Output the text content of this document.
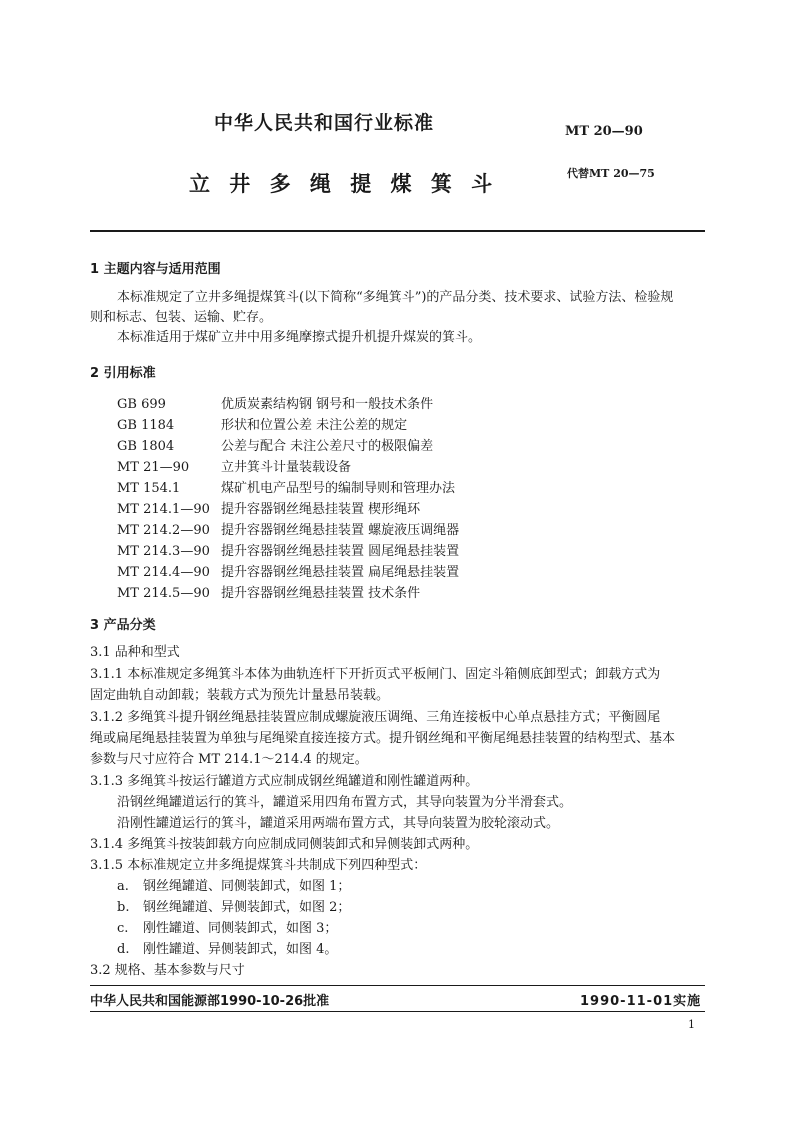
中华人民共和国行业标准	MT 20—90
立 井 多 绳 提 煤 箕 斗	代替MT 20—75
1 主题内容与适用范围
本标准规定了立井多绳提煤箕斗(以下简称“多绳箕斗”)的产品分类、技术要求、试验方法、检验规
则和标志、包装、运输、贮存。
本标准适用于煤矿立井中用多绳摩擦式提升机提升煤炭的箕斗。
2 引用标准
GB 699	优质炭素结构钢 钢号和一般技术条件
GB 1184	形状和位置公差 未注公差的规定
GB 1804	公差与配合 未注公差尺寸的极限偏差
MT 21—90 立井箕斗计量装载设备
MT 154.1	煤矿机电产品型号的编制导则和管理办法
MT 214.1—90 提升容器钢丝绳悬挂装置 楔形绳环
MT 214.2—90 提升容器钢丝绳悬挂装置 螺旋液压调绳器
MT 214.3—90 提升容器钢丝绳悬挂装置 圆尾绳悬挂装置
MT 214.4—90 提升容器钢丝绳悬挂装置 扁尾绳悬挂装置
MT 214.5—90 提升容器钢丝绳悬挂装置 技术条件
3 产品分类
3.1 品种和型式
3.1.1 本标准规定多绳箕斗本体为曲轨连杆下开折页式平板闸门、固定斗箱侧底卸型式；卸载方式为
固定曲轨自动卸载；装载方式为预先计量悬吊装载。
3.1.2 多绳箕斗提升钢丝绳悬挂装置应制成螺旋液压调绳、三角连接板中心单点悬挂方式；平衡圆尾
绳或扁尾绳悬挂装置为单独与尾绳梁直接连接方式。提升钢丝绳和平衡尾绳悬挂装置的结构型式、基本
参数与尺寸应符合 MT 214.1～214.4 的规定。
3.1.3 多绳箕斗按运行罐道方式应制成钢丝绳罐道和刚性罐道两种。
沿钢丝绳罐道运行的箕斗，罐道采用四角布置方式，其导向装置为分半滑套式。
沿刚性罐道运行的箕斗，罐道采用两端布置方式，其导向装置为胶轮滚动式。
3.1.4 多绳箕斗按装卸载方向应制成同侧装卸式和异侧装卸式两种。
3.1.5 本标准规定立井多绳提煤箕斗共制成下列四种型式：
a. 钢丝绳罐道、同侧装卸式，如图 1；
b. 钢丝绳罐道、异侧装卸式，如图 2；
c. 刚性罐道、同侧装卸式，如图 3；
d. 刚性罐道、异侧装卸式，如图 4。
3.2 规格、基本参数与尺寸
中华人民共和国能源部1990-10-26批准	1990-11-01实施
1
